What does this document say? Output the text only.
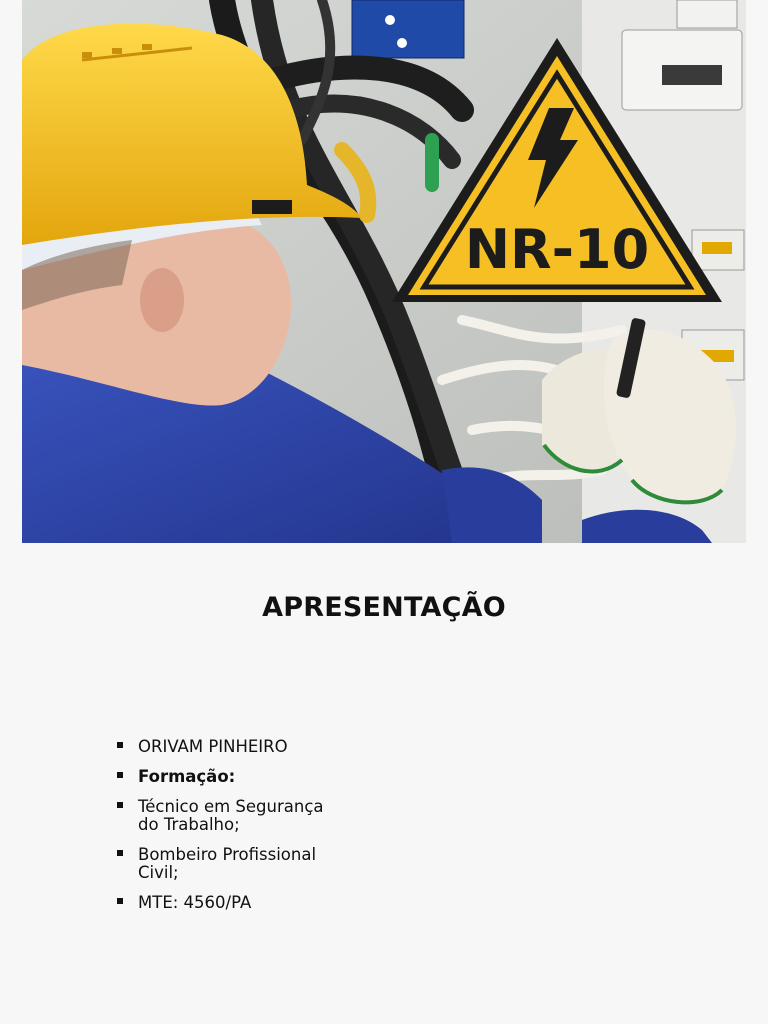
NR-10
APRESENTAÇÃO
ORIVAM PINHEIRO
Formação:
Técnico em Segurança do Trabalho;
Bombeiro Profissional Civil;
MTE: 4560/PA
